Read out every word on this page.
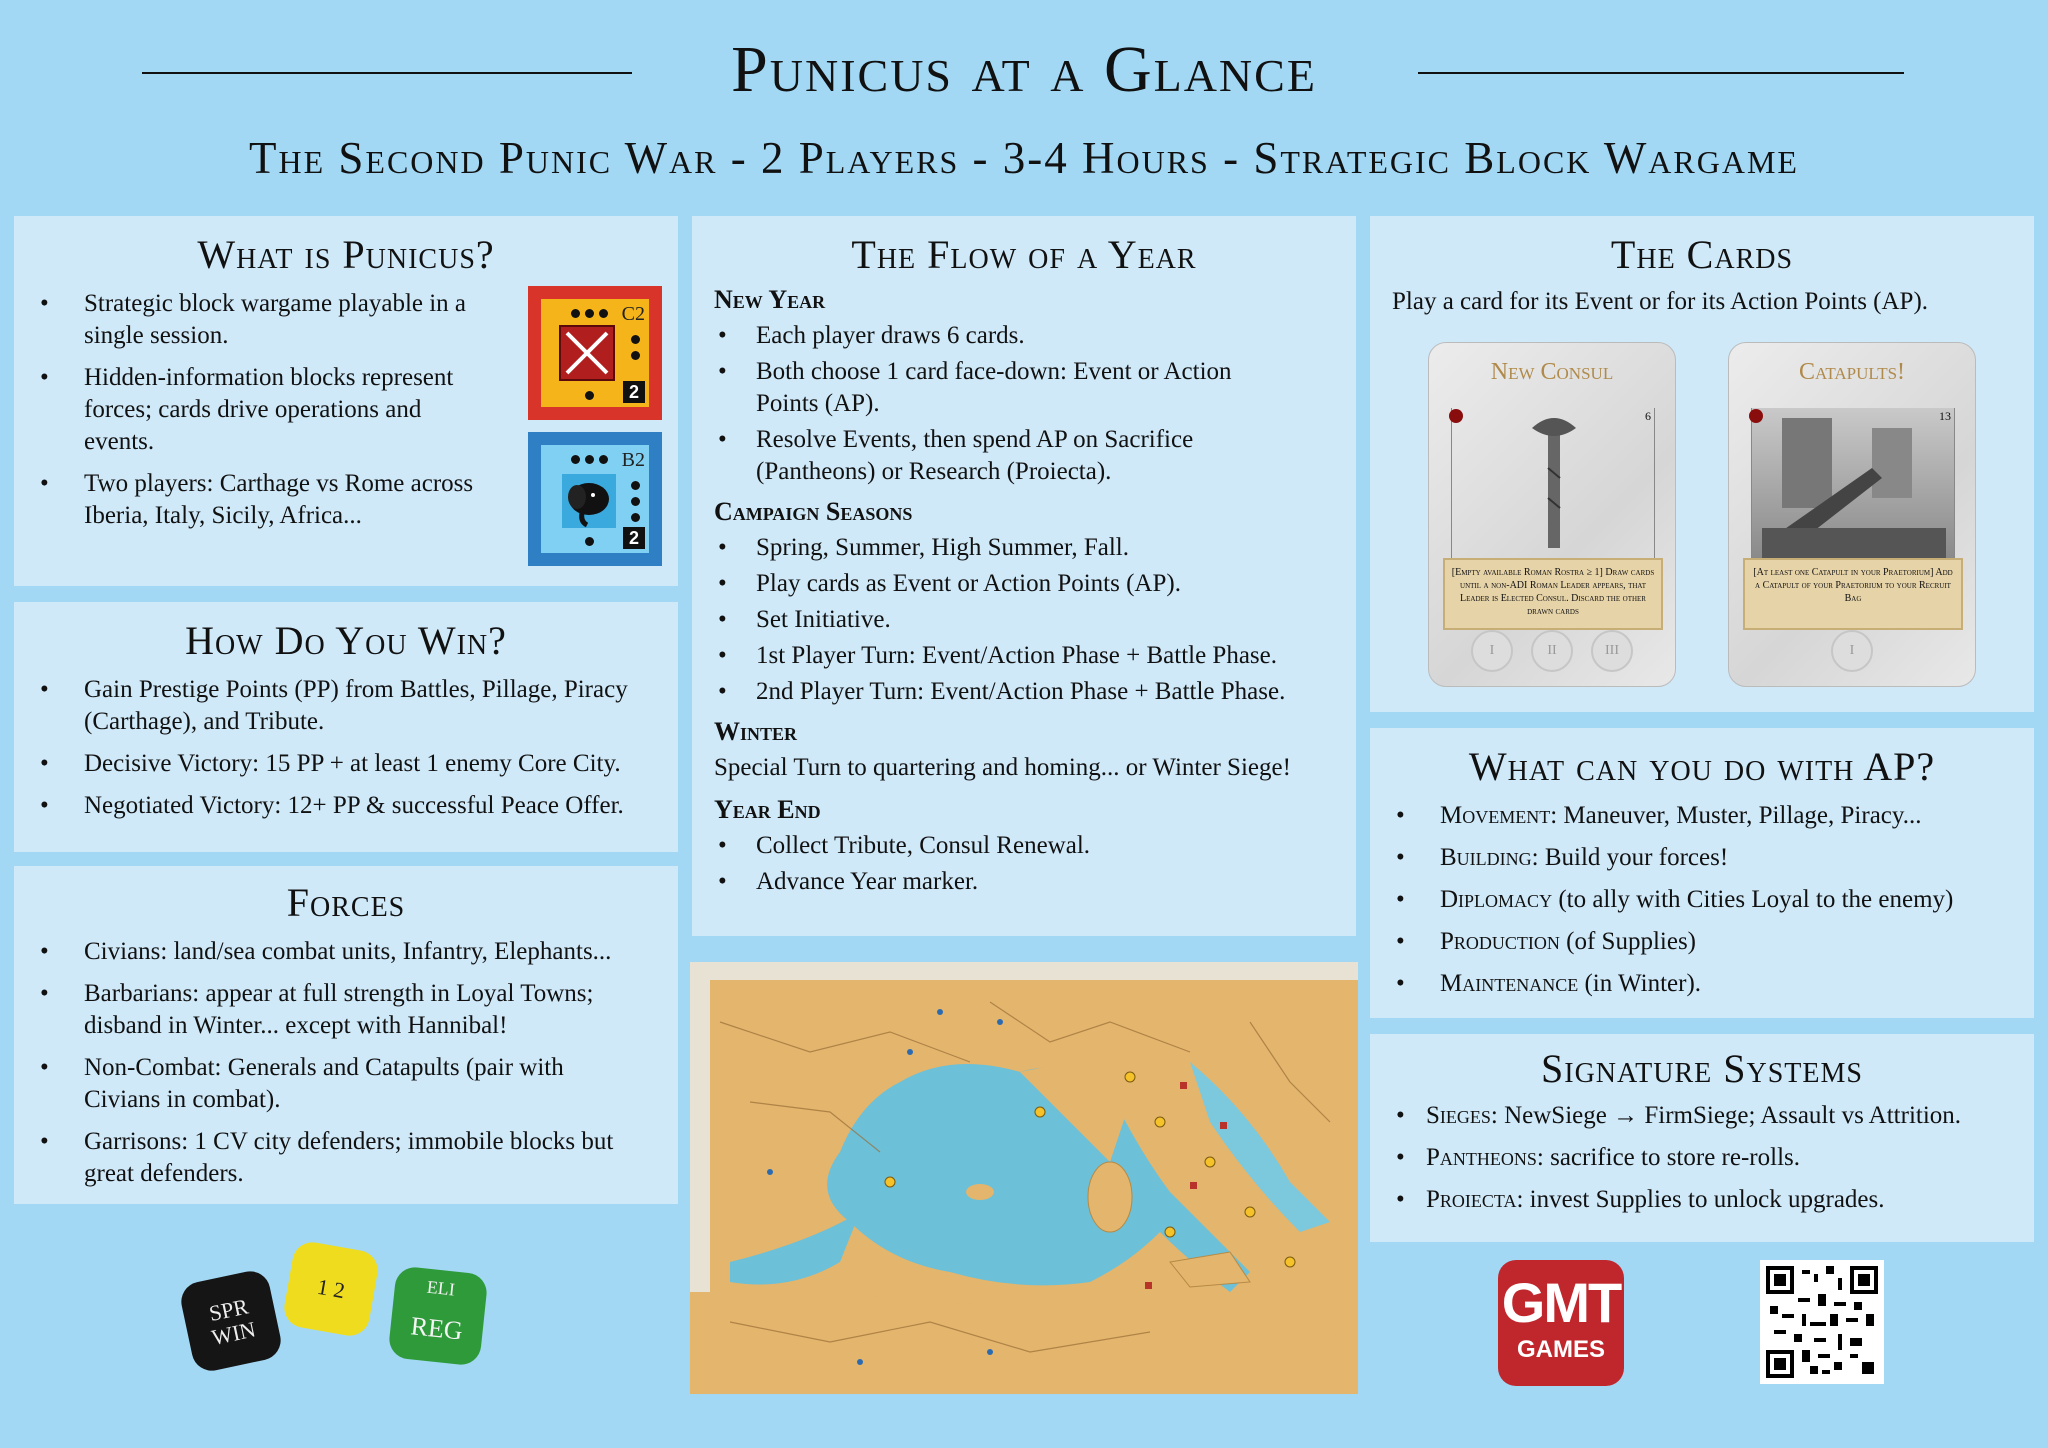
Punicus at a Glance
The Second Punic War - 2 Players - 3-4 Hours - Strategic Block Wargame
What is Punicus?
• Strategic block wargame playable in a single session.
• Hidden-information blocks represent forces; cards drive operations and events.
• Two players: Carthage vs Rome across Iberia, Italy, Sicily, Africa...
C2
2
B2
2
How Do You Win?
• Gain Prestige Points (PP) from Battles, Pillage, Piracy (Carthage), and Tribute.
• Decisive Victory: 15 PP + at least 1 enemy Core City.
• Negotiated Victory: 12+ PP & successful Peace Offer.
Forces
• Civians: land/sea combat units, Infantry, Elephants...
• Barbarians: appear at full strength in Loyal Towns; disband in Winter... except with Hannibal!
• Non-Combat: Generals and Catapults (pair with Civians in combat).
• Garrisons: 1 CV city defenders; immobile blocks but great defenders.
SPR WIN
1 2	ELI
REG
The Flow of a Year
New Year
• Each player draws 6 cards.
• Both choose 1 card face-down: Event or Action Points (AP).
• Resolve Events, then spend AP on Sacrifice (Pantheons) or Research (Proiecta).
Campaign Seasons
• Spring, Summer, High Summer, Fall.
• Play cards as Event or Action Points (AP).
• Set Initiative.
• 1st Player Turn: Event/Action Phase + Battle Phase.
• 2nd Player Turn: Event/Action Phase + Battle Phase.
Winter
Special Turn to quartering and homing... or Winter Siege!
Year End
• Collect Tribute, Consul Renewal.
• Advance Year marker.
The Cards
Play a card for its Event or for its Action Points (AP).
New Consul
6
[Empty available Roman Rostra ≥ 1] Draw cards until a non-ADI Roman Leader appears, that Leader is Elected Consul. Discard the other drawn cards
I	II	III
Catapults!
13
[At least one Catapult in your Praetorium] Add a Catapult of your Praetorium to your Recruit Bag
I
What can you do with AP?
• Movement: Maneuver, Muster, Pillage, Piracy...
• Building: Build your forces!
• Diplomacy (to ally with Cities Loyal to the enemy)
• Production (of Supplies)
• Maintenance (in Winter).
Signature Systems
• Sieges: NewSiege → FirmSiege; Assault vs Attrition.
• Pantheons: sacrifice to store re-rolls.
• Proiecta: invest Supplies to unlock upgrades.
GMT
GAMES
